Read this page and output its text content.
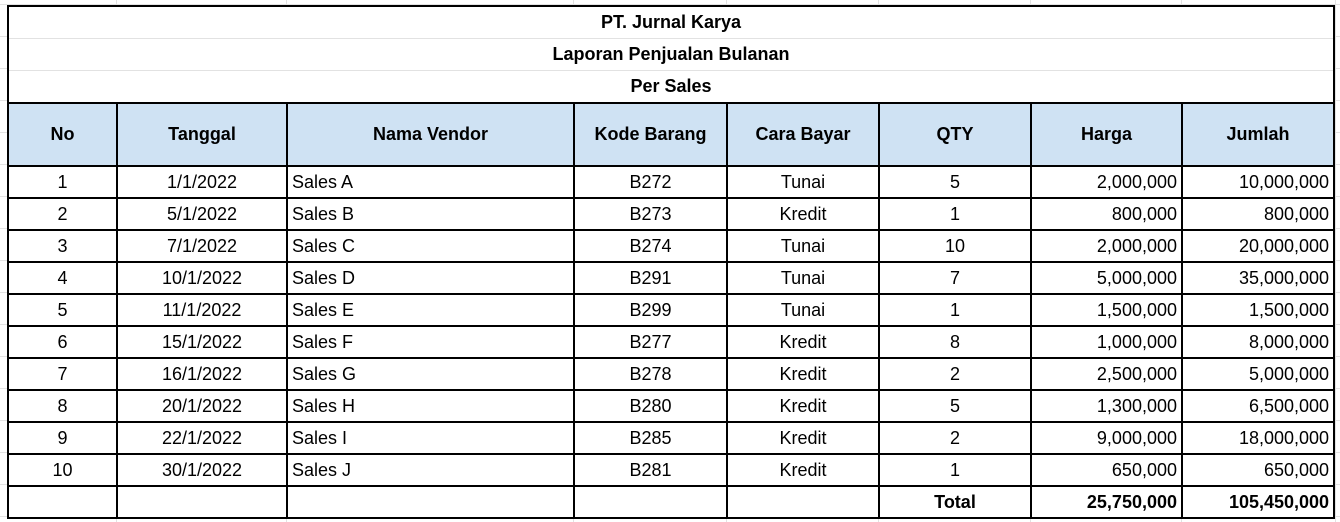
PT. Jurnal Karya							
Laporan Penjualan Bulanan							
Per Sales							
No	Tanggal	Nama Vendor	Kode Barang	Cara Bayar	QTY	Harga	Jumlah
1	1/1/2022	Sales A	B272	Tunai	5	2,000,000	10,000,000
2	5/1/2022	Sales B	B273	Kredit	1	800,000	800,000
3	7/1/2022	Sales C	B274	Tunai	10	2,000,000	20,000,000
4	10/1/2022	Sales D	B291	Tunai	7	5,000,000	35,000,000
5	11/1/2022	Sales E	B299	Tunai	1	1,500,000	1,500,000
6	15/1/2022	Sales F	B277	Kredit	8	1,000,000	8,000,000
7	16/1/2022	Sales G	B278	Kredit	2	2,500,000	5,000,000
8	20/1/2022	Sales H	B280	Kredit	5	1,300,000	6,500,000
9	22/1/2022	Sales I	B285	Kredit	2	9,000,000	18,000,000
10	30/1/2022	Sales J	B281	Kredit	1	650,000	650,000
					Total	25,750,000	105,450,000
